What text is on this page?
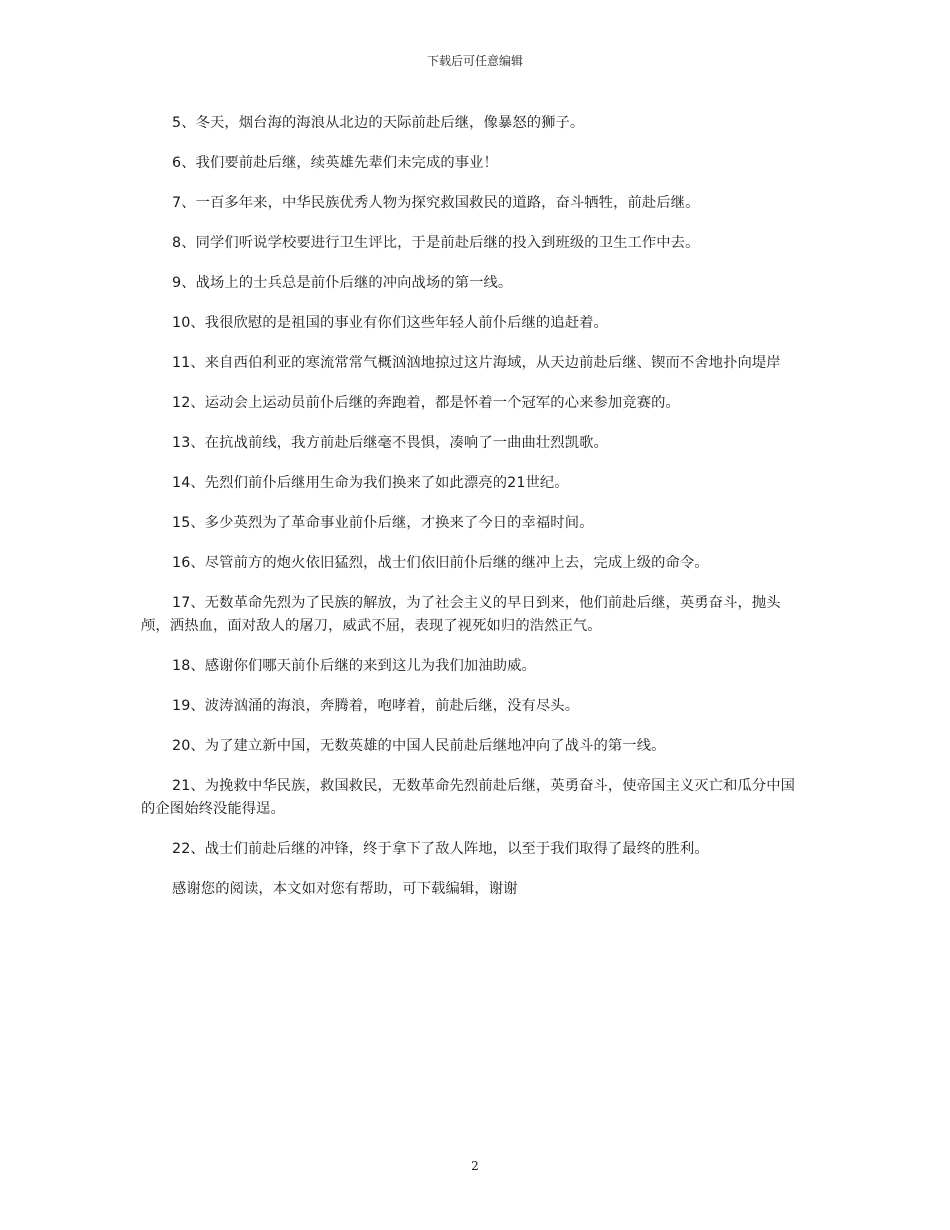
下载后可任意编辑

5、冬天，烟台海的海浪从北边的天际前赴后继，像暴怒的狮子。

6、我们要前赴后继，续英雄先辈们未完成的事业！

7、一百多年来，中华民族优秀人物为探究救国救民的道路，奋斗牺牲，前赴后继。

8、同学们听说学校要进行卫生评比，于是前赴后继的投入到班级的卫生工作中去。

9、战场上的士兵总是前仆后继的冲向战场的第一线。

10、我很欣慰的是祖国的事业有你们这些年轻人前仆后继的追赶着。

11、来自西伯利亚的寒流常常气概汹汹地掠过这片海域，从天边前赴后继、锲而不舍地扑向堤岸

12、运动会上运动员前仆后继的奔跑着，都是怀着一个冠军的心来参加竞赛的。

13、在抗战前线，我方前赴后继毫不畏惧，凑响了一曲曲壮烈凯歌。

14、先烈们前仆后继用生命为我们换来了如此漂亮的21世纪。

15、多少英烈为了革命事业前仆后继，才换来了今日的幸福时间。

16、尽管前方的炮火依旧猛烈，战士们依旧前仆后继的继冲上去，完成上级的命令。

17、无数革命先烈为了民族的解放，为了社会主义的早日到来，他们前赴后继，英勇奋斗，抛头颅，洒热血，面对敌人的屠刀，威武不屈，表现了视死如归的浩然正气。

18、感谢你们哪天前仆后继的来到这儿为我们加油助威。

19、波涛汹涌的海浪，奔腾着，咆哮着，前赴后继，没有尽头。

20、为了建立新中国，无数英雄的中国人民前赴后继地冲向了战斗的第一线。

21、为挽救中华民族，救国救民，无数革命先烈前赴后继，英勇奋斗，使帝国主义灭亡和瓜分中国的企图始终没能得逞。

22、战士们前赴后继的冲锋，终于拿下了敌人阵地，以至于我们取得了最终的胜利。

感谢您的阅读，本文如对您有帮助，可下载编辑，谢谢

2
